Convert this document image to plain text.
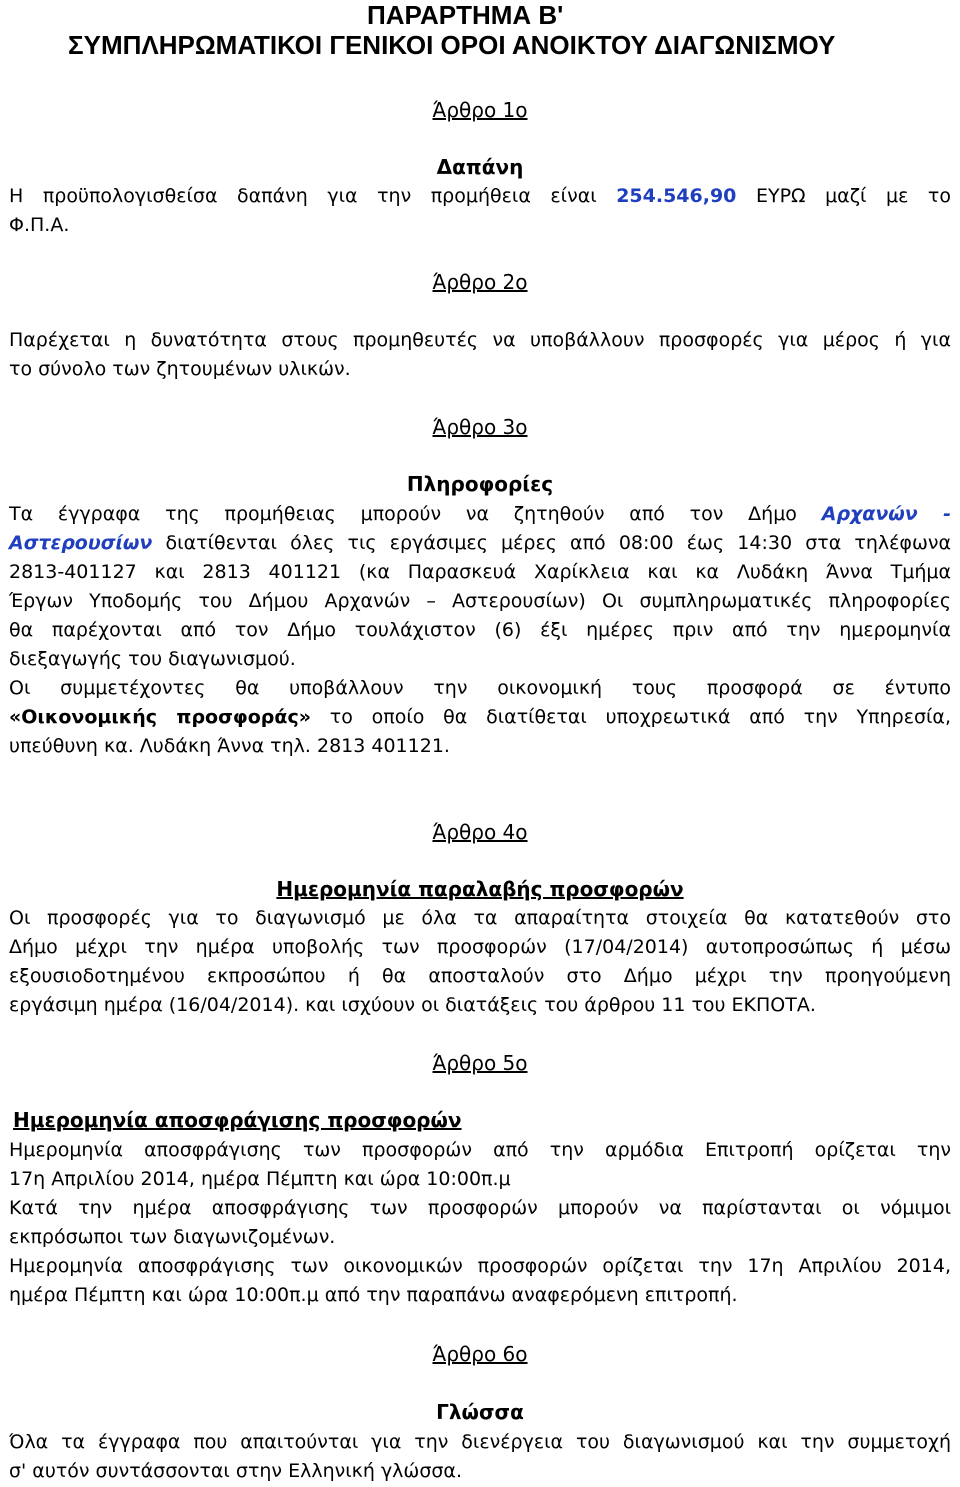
ΠΑΡΑΡΤΗΜΑ Β'
ΣΥΜΠΛΗΡΩΜΑΤΙΚΟΙ ΓΕΝΙΚΟΙ ΟΡΟΙ ΑΝΟΙΚΤΟΥ ΔΙΑΓΩΝΙΣΜΟΥ
Άρθρο 1ο
Δαπάνη
Η προϋπολογισθείσα δαπάνη για την προμήθεια είναι 254.546,90 ΕΥΡΩ μαζί με το
Φ.Π.Α.
Άρθρο 2ο
Παρέχεται η δυνατότητα στους προμηθευτές να υποβάλλουν προσφορές για μέρος ή για
το σύνολο των ζητουμένων υλικών.
Άρθρο 3ο
Πληροφορίες
Τα έγγραφα της προμήθειας μπορούν να ζητηθούν από τον Δήμο Αρχανών -
Αστερουσίων διατίθενται όλες τις εργάσιμες μέρες από 08:00 έως 14:30 στα τηλέφωνα
2813-401127 και 2813 401121 (κα Παρασκευά Χαρίκλεια και κα Λυδάκη Άννα Τμήμα
Έργων Υποδομής του Δήμου Αρχανών – Αστερουσίων) Οι συμπληρωματικές πληροφορίες
θα παρέχονται από τον Δήμο τουλάχιστον (6) έξι ημέρες πριν από την ημερομηνία
διεξαγωγής του διαγωνισμού.
Οι συμμετέχοντες θα υποβάλλουν την οικονομική τους προσφορά σε έντυπο
«Οικονομικής προσφοράς» το οποίο θα διατίθεται υποχρεωτικά από την Υπηρεσία,
υπεύθυνη κα. Λυδάκη Άννα τηλ. 2813 401121.
Άρθρο 4ο
Ημερομηνία παραλαβής προσφορών
Οι προσφορές για το διαγωνισμό με όλα τα απαραίτητα στοιχεία θα κατατεθούν στο
Δήμο μέχρι την ημέρα υποβολής των προσφορών (17/04/2014) αυτοπροσώπως ή μέσω
εξουσιοδοτημένου εκπροσώπου ή θα αποσταλούν στο Δήμο μέχρι την προηγούμενη
εργάσιμη ημέρα (16/04/2014). και ισχύουν οι διατάξεις του άρθρου 11 του ΕΚΠΟΤΑ.
Άρθρο 5ο
Ημερομηνία αποσφράγισης προσφορών
Ημερομηνία αποσφράγισης των προσφορών από την αρμόδια Επιτροπή ορίζεται την
17η Απριλίου 2014, ημέρα Πέμπτη και ώρα 10:00π.μ
Κατά την ημέρα αποσφράγισης των προσφορών μπορούν να παρίστανται οι νόμιμοι
εκπρόσωποι των διαγωνιζομένων.
Ημερομηνία αποσφράγισης των οικονομικών προσφορών ορίζεται την 17η Απριλίου 2014,
ημέρα Πέμπτη και ώρα 10:00π.μ από την παραπάνω αναφερόμενη επιτροπή.
Άρθρο 6ο
Γλώσσα
Όλα τα έγγραφα που απαιτούνται για την διενέργεια του διαγωνισμού και την συμμετοχή
σ' αυτόν συντάσσονται στην Ελληνική γλώσσα.
